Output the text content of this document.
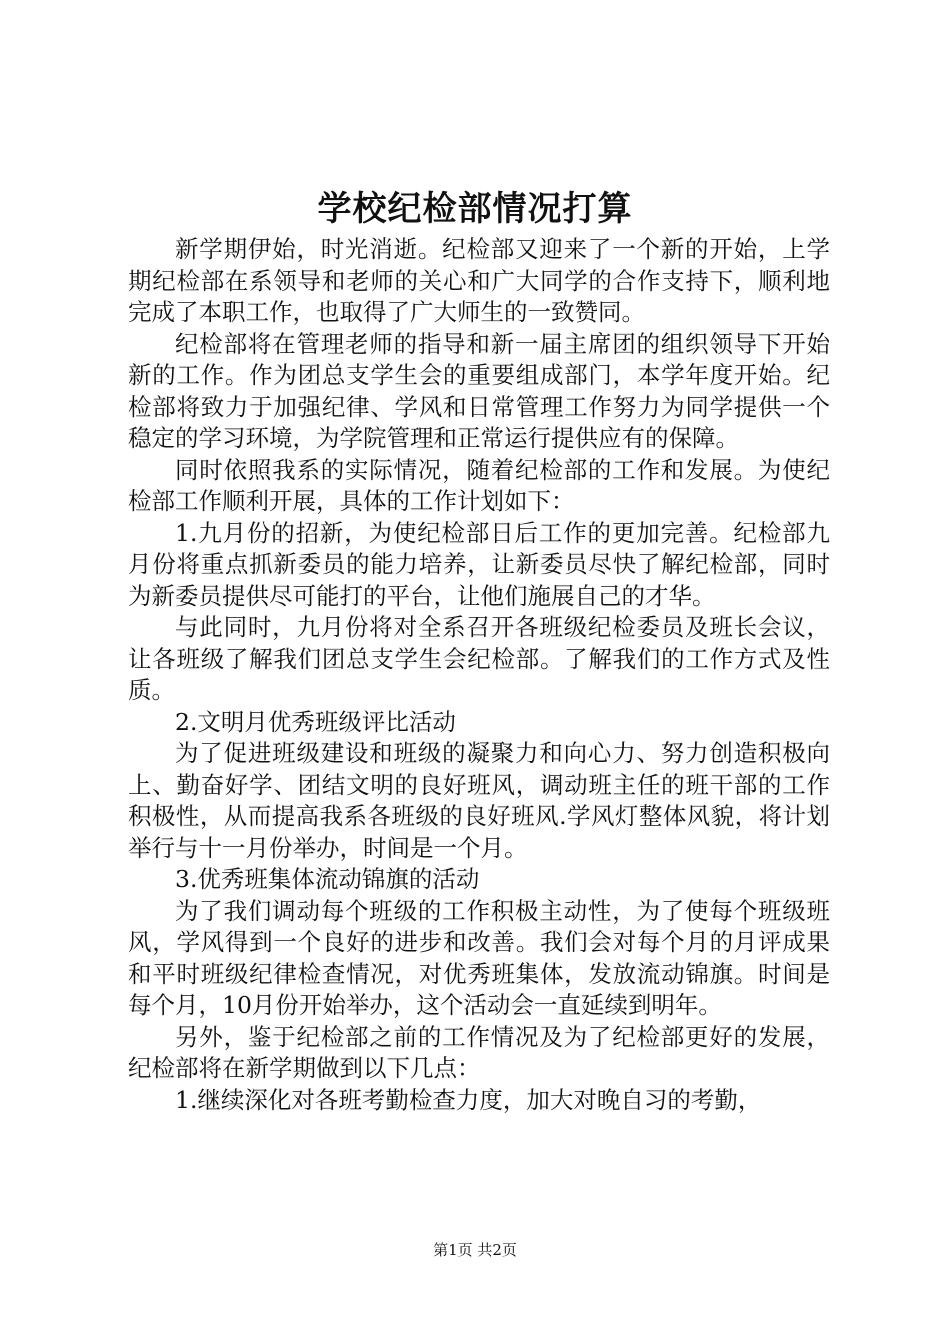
学校纪检部情况打算

新学期伊始，时光消逝。纪检部又迎来了一个新的开始，上学期纪检部在系领导和老师的关心和广大同学的合作支持下，顺利地完成了本职工作，也取得了广大师生的一致赞同。

纪检部将在管理老师的指导和新一届主席团的组织领导下开始新的工作。作为团总支学生会的重要组成部门，本学年度开始。纪检部将致力于加强纪律、学风和日常管理工作努力为同学提供一个稳定的学习环境，为学院管理和正常运行提供应有的保障。

同时依照我系的实际情况，随着纪检部的工作和发展。为使纪检部工作顺利开展，具体的工作计划如下：

1.九月份的招新，为使纪检部日后工作的更加完善。纪检部九月份将重点抓新委员的能力培养，让新委员尽快了解纪检部，同时为新委员提供尽可能打的平台，让他们施展自己的才华。

与此同时，九月份将对全系召开各班级纪检委员及班长会议，让各班级了解我们团总支学生会纪检部。了解我们的工作方式及性质。

2.文明月优秀班级评比活动

为了促进班级建设和班级的凝聚力和向心力、努力创造积极向上、勤奋好学、团结文明的良好班风，调动班主任的班干部的工作积极性，从而提高我系各班级的良好班风.学风灯整体风貌，将计划举行与十一月份举办，时间是一个月。

3.优秀班集体流动锦旗的活动

为了我们调动每个班级的工作积极主动性，为了使每个班级班风，学风得到一个良好的进步和改善。我们会对每个月的月评成果和平时班级纪律检查情况，对优秀班集体，发放流动锦旗。时间是每个月，10月份开始举办，这个活动会一直延续到明年。

另外，鉴于纪检部之前的工作情况及为了纪检部更好的发展，纪检部将在新学期做到以下几点：

1.继续深化对各班考勤检查力度，加大对晚自习的考勤，

第1页 共2页
